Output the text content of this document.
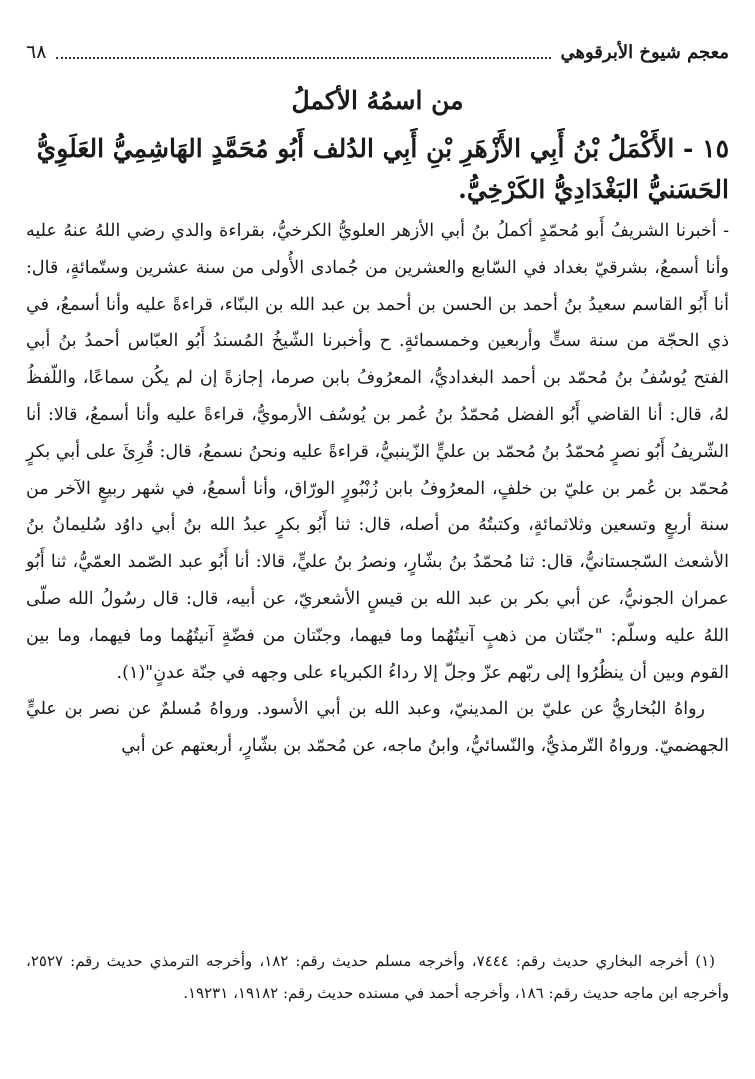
معجم شيوخ الأبرقوهي
٦٨
من اسمُهُ الأكملُ
١٥ - الأَكْمَلُ بْنُ أَبِي الأَزْهَرِ بْنِ أَبِي الدُلف أَبُو مُحَمَّدٍ الهَاشِمِيُّ العَلَوِيُّ الحَسَنيُّ البَغْدَادِيُّ الكَرْخِيُّ.

- أخبرنا الشريفُ أَبو مُحمّدٍ أكملُ بنُ أبي الأزهر العلويُّ الكرخيُّ، بقراءة والدي رضي اللهُ عنهُ عليه وأنا أسمعُ، بشرقيّ بغداد في السّابع والعشرين من جُمادى الأُولى من سنة عشرين وستّمائةٍ، قال: أنا أَبُو القاسم سعيدُ بنُ أحمد بن الحسن بن أحمد بن عبد الله بن البنّاء، قراءةً عليه وأنا أسمعُ، في ذي الحجّة من سنة ستٍّ وأربعين وخمسمائةٍ. ح وأخبرنا الشّيخُ المُسندُ أَبُو العبّاس أحمدُ بنُ أبي الفتح يُوسُفُ بنُ مُحمّد بن أحمد البغداديُّ، المعرُوفُ بابن صرما، إجازةً إن لم يكُن سماعًا، واللّفظُ لهُ، قال: أنا القاضي أَبُو الفضل مُحمّدُ بنُ عُمر بن يُوسُف الأرمويُّ، قراءةً عليه وأنا أسمعُ، قالا: أنا الشّريفُ أَبُو نصرٍ مُحمّدُ بنُ مُحمّد بن عليٍّ الزّينبيُّ، قراءةً عليه ونحنُ نسمعُ، قال: قُرِئَ على أبي بكرٍ مُحمّد بن عُمر بن عليّ بن خلفٍ، المعرُوفُ بابن زُنْبُورٍ الورّاق، وأنا أسمعُ، في شهر ربيعٍ الآخر من سنة أربعٍ وتسعين وثلاثمائةٍ، وكتبتُهُ من أصله، قال: ثنا أَبُو بكرٍ عبدُ الله بنُ أبي داوُد سُليمانُ بنُ الأشعث السّجستانيُّ، قال: ثنا مُحمّدُ بنُ بشّارٍ، ونصرُ بنُ عليٍّ، قالا: أنا أَبُو عبد الصّمد العمّيُّ، ثنا أَبُو عمران الجونيُّ، عن أبي بكر بن عبد الله بن قيسٍ الأشعريّ، عن أبيه، قال: قال رسُولُ الله صلّى اللهُ عليه وسلّم: "جنّتان من ذهبٍ آنيتُهُما وما فيهما، وجنّتان من فضّةٍ آنيتُهُما وما فيهما، وما بين القوم وبين أن ينظُرُوا إلى ربّهم عزّ وجلّ إلا رداءُ الكبرياء على وجهه في جنّة عدنٍ"(١).

رواهُ البُخاريُّ عن عليّ بن المدينيّ، وعبد الله بن أبي الأسود. ورواهُ مُسلمٌ عن نصر بن عليٍّ الجهضميّ. ورواهُ التّرمذيُّ، والنّسائيُّ، وابنُ ماجه، عن مُحمّد بن بشّارٍ، أربعتهم عن أبي

(١) أخرجه البخاري حديث رقم: ٧٤٤٤، وأخرجه مسلم حديث رقم: ١٨٢، وأخرجه الترمذي حديث رقم: ٢٥٢٧، وأخرجه ابن ماجه حديث رقم: ١٨٦، وأخرجه أحمد في مسنده حديث رقم: ١٩١٨٢، ١٩٢٣١.
